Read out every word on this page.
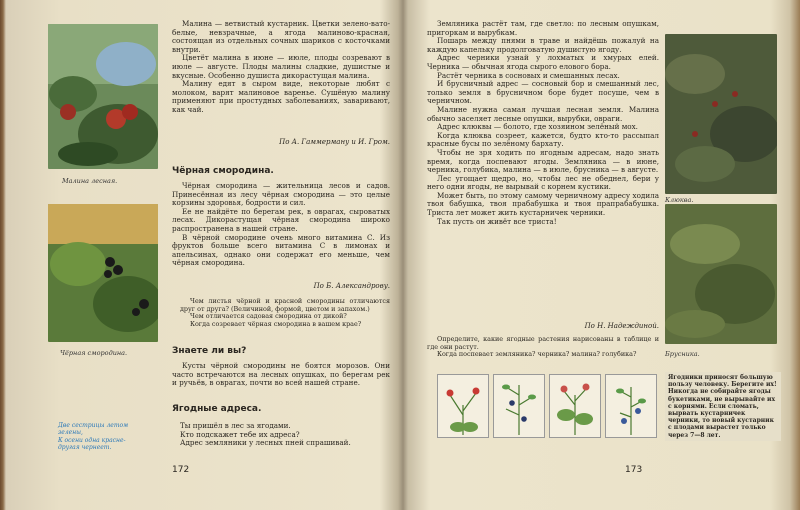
Малина лесная.

Малина — ветвистый кустарник. Цветки зелено-вато-белые, невзрачные, а ягода малиново-красная, состоящая из отдельных сочных шариков с косточками внутри.

Цветёт малина в июне — июле, плоды созревают в июле — августе. Плоды малины сладкие, душистые и вкусные. Особенно душиста дикорастущая малина.

Малину едят в сыром виде, некоторые любят с молоком, варят малиновое варенье. Сушёную малину применяют при простудных заболеваниях, заваривают, как чай.

По А. Гаммерману и И. Гром.
Чёрная смородина.

Чёрная смородина — жительница лесов и садов. Принесённая из лесу чёрная смородина — это целые корзины здоровья, бодрости и сил.

Ее не найдёте по берегам рек, в оврагах, сыроватых лесах. Дикорастущая чёрная смородина широко распространена в нашей стране.

В чёрной смородине очень много витамина С. Из фруктов больше всего витамина С в лимонах и апельсинах, однако они содержат его меньше, чем чёрная смородина.

По Б. Александрову.

Чем листья чёрной и красной смородины отличаются друг от друга? (Величиной, формой, цветом и запахом.)

Чем отличается садовая смородина от дикой?

Когда созревает чёрная смородина в вашем крае?

Чёрная смородина.	Знаете ли вы?
Кусты чёрной смородины не боятся морозов. Они часто встречаются на лесных опушках, по берегам рек и ручьёв, в оврагах, почти во всей нашей стране.
Ягодные адреса.
Ты пришёл в лес за ягодами.
Кто подскажет тебе их адреса?
Адрес земляники у лесных пней спрашивай.
Две сестрицы летом
зелены,
К осени одна красне-
другая чернеет.
172

Земляника растёт там, где светло: по лесным опушкам, пригоркам и вырубкам.

Пошарь между пнями в траве и найдёшь пожалуй на каждую капельку продолговатую душистую ягоду.

Адрес черники узнай у лохматых и хмурых елей. Черника — обычная ягода сырого елового бора.

Растёт черника в сосновых и смешанных лесах.

И брусничный адрес — сосновый бор и смешанный лес, только земля в брусничном боре будет посуше, чем в черничном.

Малине нужна самая лучшая лесная земля. Малина обычно заселяет лесные опушки, вырубки, овраги.

Адрес клюквы — болото, где хозяином зелёный мох.

Когда клюква созреет, кажется, будто кто-то рассыпал красные бусы по зелёному бархату.

Чтобы не зря ходить по ягодным адресам, надо знать время, когда поспевают ягоды. Земляника — в июне, черника, голубика, малина — в июле, брусника — в августе.

Лес угощает щедро, но, чтобы лес не обеднел, бери у него одни ягоды, не вырывай с корнем кустики.

Может быть, по этому самому черничному адресу ходила твоя бабушка, твоя прабабушка и твоя прапрабабушка. Триста лет может жить кустарничек черники.

Так пусть он живёт все триста!

По Н. Надеждиной.

Определите, какие ягодные растения нарисованы в таблице и где они растут.

Когда поспевает земляника? черника? малина? голубика?

Клюква.
Брусника.
Ягодники приносят большую пользу человеку. Берегите их! Никогда не собирайте ягоды букетиками, не вырывайте их с корнями. Если сломать, вырвать кустарничек черники, то новый кустарник с плодами вырастет только через 7—8 лет.
173
